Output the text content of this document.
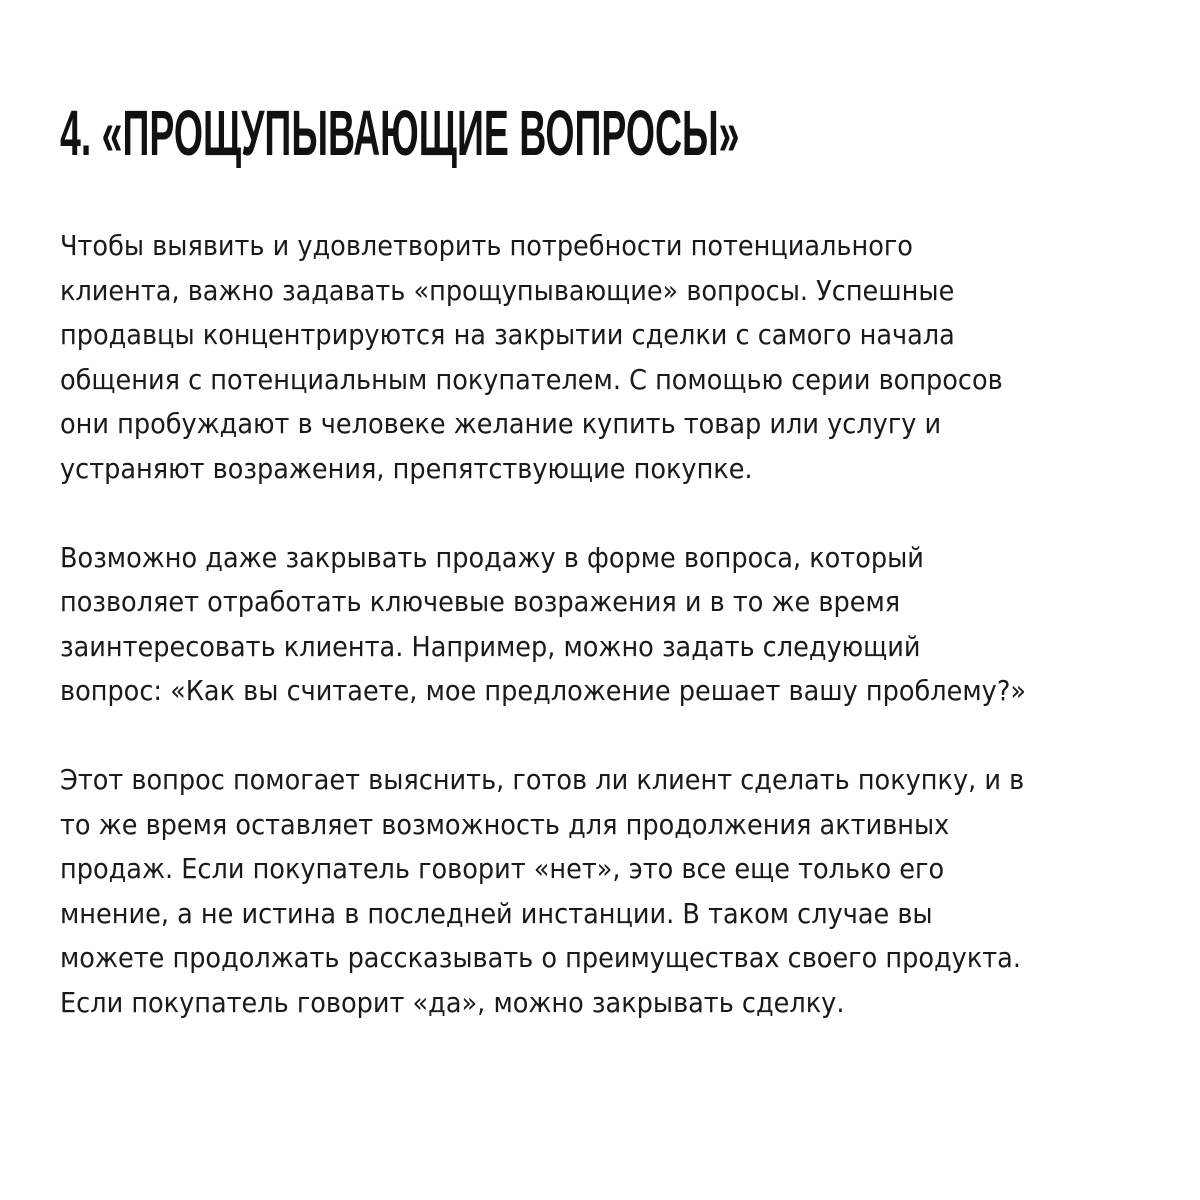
4. «ПРОЩУПЫВАЮЩИЕ ВОПРОСЫ»

Чтобы выявить и удовлетворить потребности потенциального
клиента, важно задавать «прощупывающие» вопросы. Успешные
продавцы концентрируются на закрытии сделки с самого начала
общения с потенциальным покупателем. С помощью серии вопросов
они пробуждают в человеке желание купить товар или услугу и
устраняют возражения, препятствующие покупке.

Возможно даже закрывать продажу в форме вопроса, который
позволяет отработать ключевые возражения и в то же время
заинтересовать клиента. Например, можно задать следующий
вопрос: «Как вы считаете, мое предложение решает вашу проблему?»

Этот вопрос помогает выяснить, готов ли клиент сделать покупку, и в
то же время оставляет возможность для продолжения активных
продаж. Если покупатель говорит «нет», это все еще только его
мнение, а не истина в последней инстанции. В таком случае вы
можете продолжать рассказывать о преимуществах своего продукта.
Если покупатель говорит «да», можно закрывать сделку.
